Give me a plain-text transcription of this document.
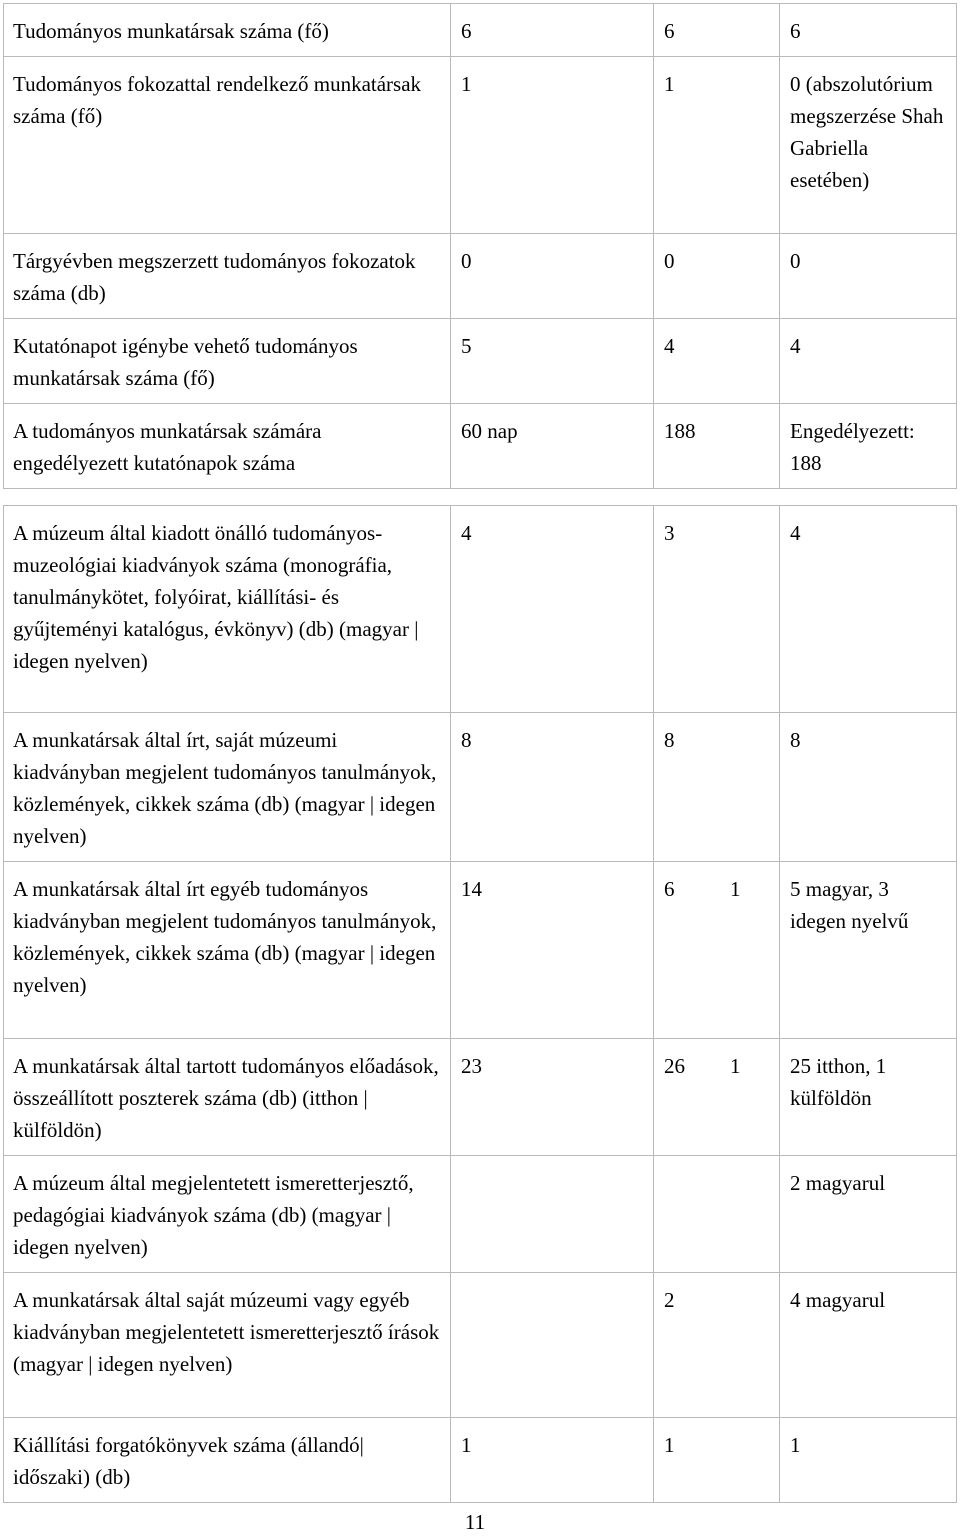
Tudományos munkatársak száma (fő)	6	6	6
Tudományos fokozattal rendelkező munkatársak száma (fő)	1	1	0 (abszolutórium megszerzése Shah Gabriella esetében)
Tárgyévben megszerzett tudományos fokozatok száma (db)	0	0	0
Kutatónapot igénybe vehető tudományos munkatársak száma (fő)	5	4	4
A tudományos munkatársak számára engedélyezett kutatónapok száma	60 nap	188	Engedélyezett: 188
A múzeum által kiadott önálló tudományos-muzeológiai kiadványok száma (monográfia, tanulmánykötet, folyóirat, kiállítási- és gyűjteményi katalógus, évkönyv) (db) (magyar | idegen nyelven)	4	3	4
A munkatársak által írt, saját múzeumi kiadványban megjelent tudományos tanulmányok, közlemények, cikkek száma (db) (magyar | idegen nyelven)	8	8	8
A munkatársak által írt egyéb tudományos kiadványban megjelent tudományos tanulmányok, közlemények, cikkek száma (db) (magyar | idegen nyelven)	14	6 1	5 magyar, 3 idegen nyelvű
A munkatársak által tartott tudományos előadások, összeállított poszterek száma (db) (itthon | külföldön)	23	26 1	25 itthon, 1 külföldön
A múzeum által megjelentetett ismeretterjesztő, pedagógiai kiadványok száma (db) (magyar | idegen nyelven)			2 magyarul
A munkatársak által saját múzeumi vagy egyéb kiadványban megjelentetett ismeretterjesztő írások (magyar | idegen nyelven)		2	4 magyarul
Kiállítási forgatókönyvek száma (állandó| időszaki) (db)	1	1	1
11
